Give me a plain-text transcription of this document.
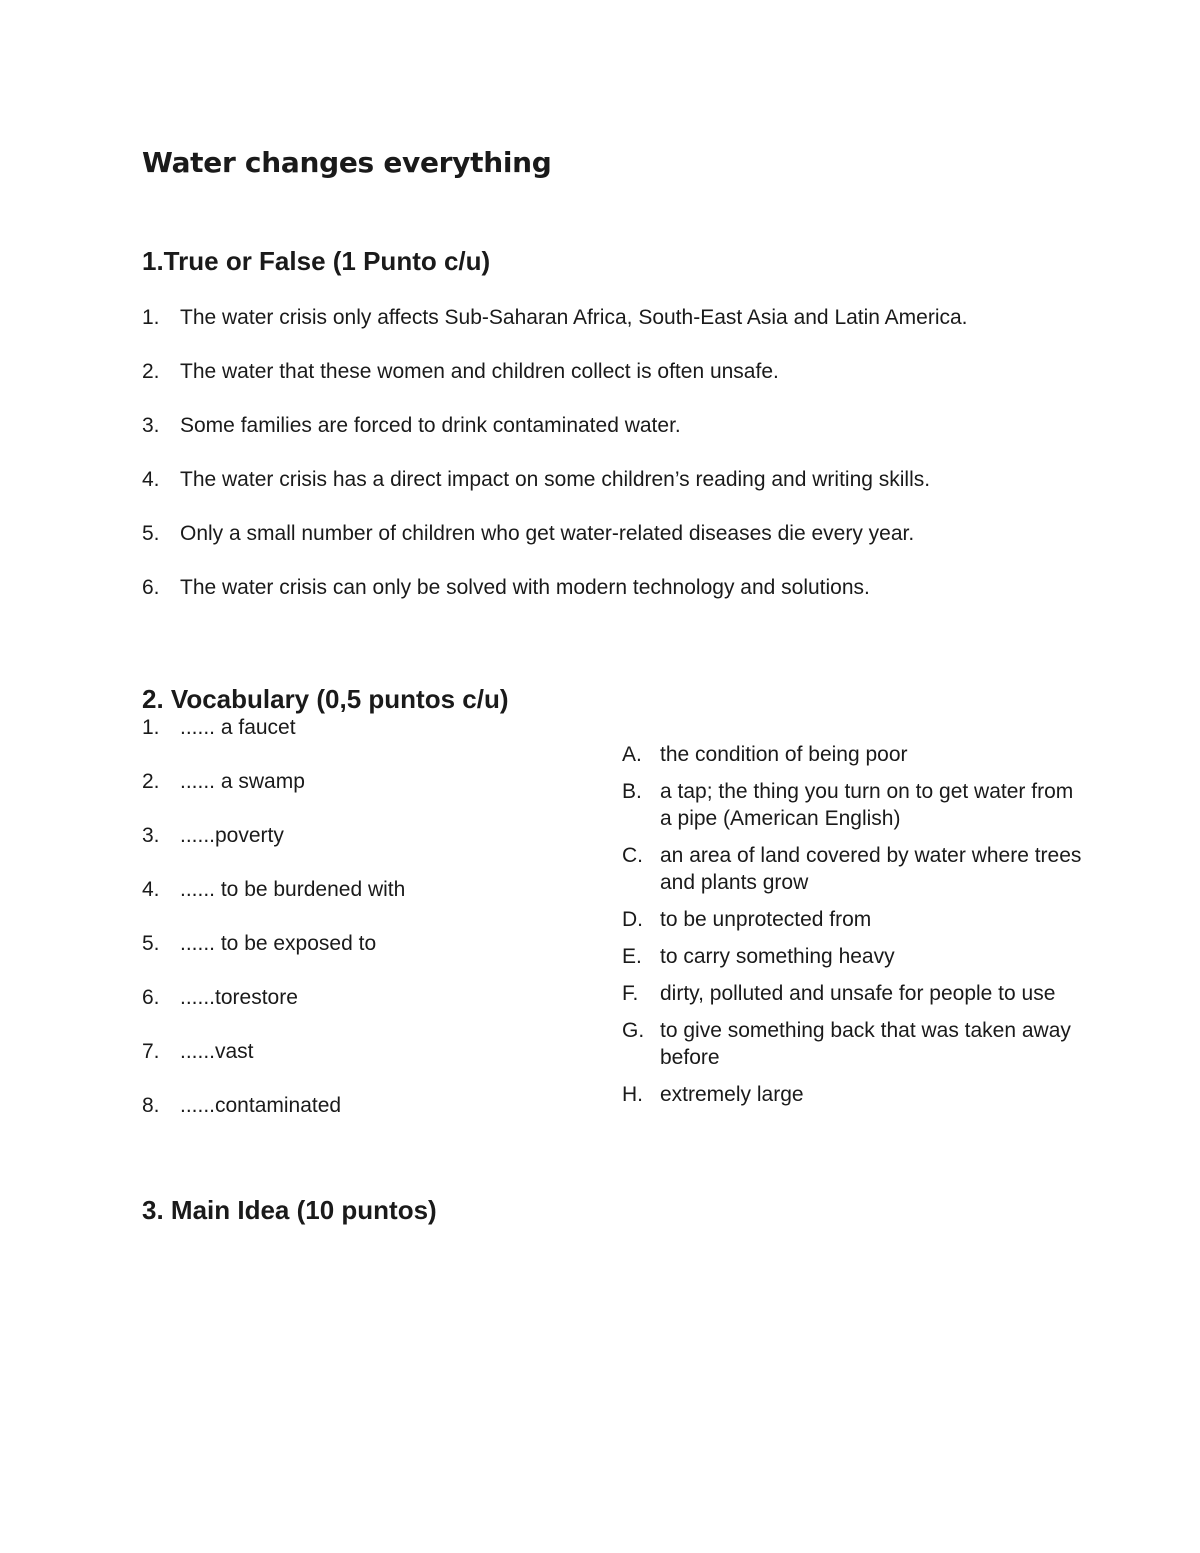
Water changes everything
1.True or False (1 Punto c/u)
1. The water crisis only affects Sub-Saharan Africa, South-East Asia and Latin America.
2. The water that these women and children collect is often unsafe.
3. Some families are forced to drink contaminated water.
4. The water crisis has a direct impact on some children’s reading and writing skills.
5. Only a small number of children who get water-related diseases die every year.
6. The water crisis can only be solved with modern technology and solutions.
2. Vocabulary (0,5 puntos c/u)
1. ...... a faucet
2. ...... a swamp
3. ......poverty
4. ...... to be burdened with
5. ...... to be exposed to
6. ......torestore
7. ......vast
8. ......contaminated
A. the condition of being poor
B. a tap; the thing you turn on to get water from a pipe (American English)
C. an area of land covered by water where trees and plants grow
D. to be unprotected from
E. to carry something heavy
F. dirty, polluted and unsafe for people to use
G. to give something back that was taken away before
H. extremely large
3. Main Idea (10 puntos)
